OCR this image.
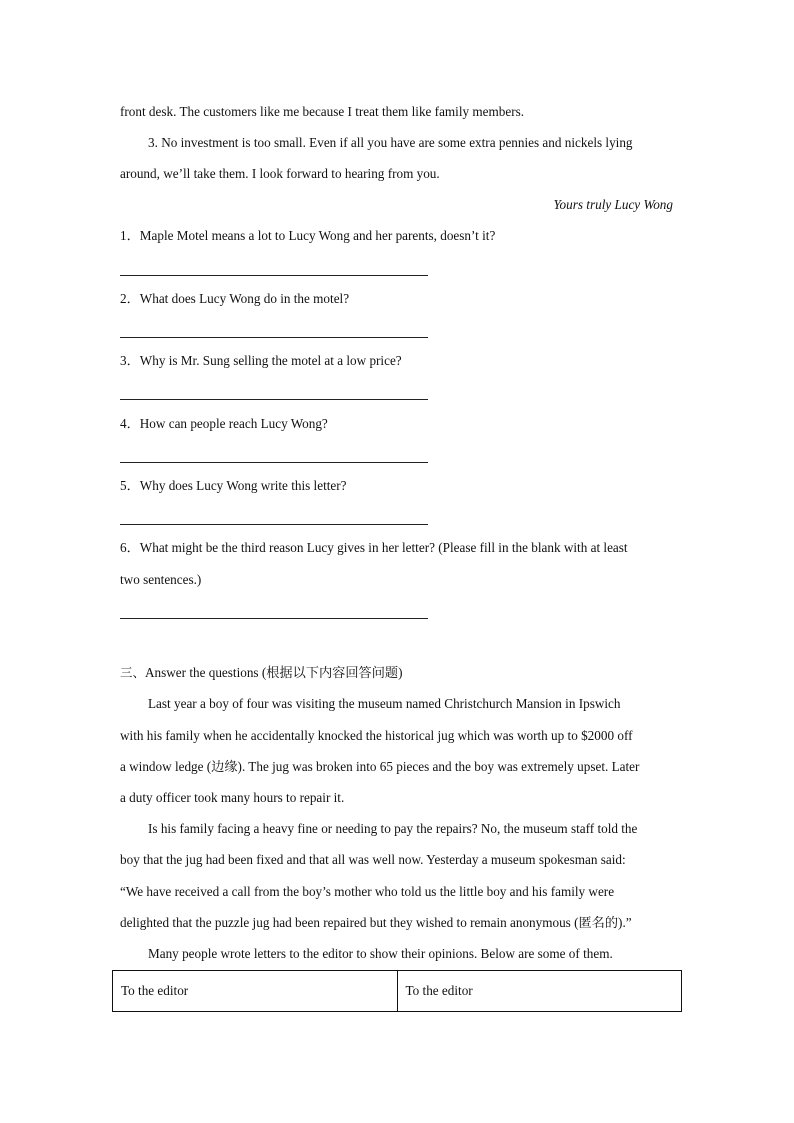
front desk. The customers like me because I treat them like family members.
3. No investment is too small. Even if all you have are some extra pennies and nickels lying
around, we’ll take them. I look forward to hearing from you.
Yours truly Lucy Wong
1．Maple Motel means a lot to Lucy Wong and her parents, doesn’t it?
2．What does Lucy Wong do in the motel?
3．Why is Mr. Sung selling the motel at a low price?
4．How can people reach Lucy Wong?
5．Why does Lucy Wong write this letter?
6．What might be the third reason Lucy gives in her letter? (Please fill in the blank with at least
two sentences.)
三、Answer the questions (根据以下内容回答问题)
Last year a boy of four was visiting the museum named Christchurch Mansion in Ipswich
with his family when he accidentally knocked the historical jug which was worth up to $2000 off
a window ledge (边缘). The jug was broken into 65 pieces and the boy was extremely upset. Later
a duty officer took many hours to repair it.
Is his family facing a heavy fine or needing to pay the repairs? No, the museum staff told the
boy that the jug had been fixed and that all was well now. Yesterday a museum spokesman said:
“We have received a call from the boy’s mother who told us the little boy and his family were
delighted that the puzzle jug had been repaired but they wished to remain anonymous (匿名的).”
Many people wrote letters to the editor to show their opinions. Below are some of them.
To the editor	To the editor
